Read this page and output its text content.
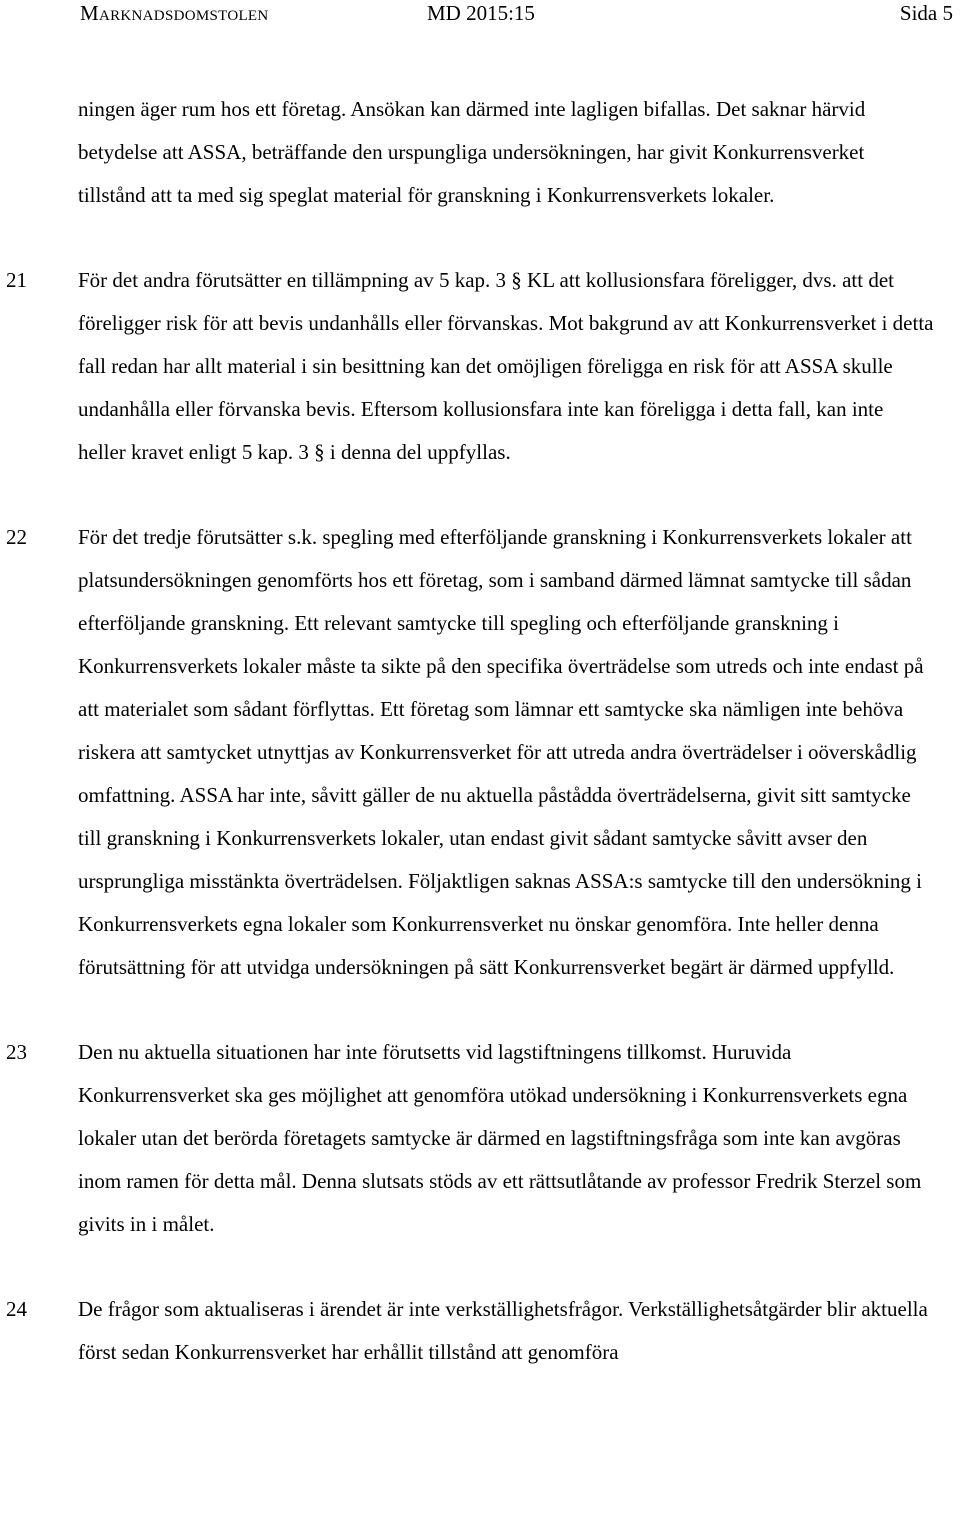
Marknadsdomstolen	MD 2015:15	Sida 5

ningen äger rum hos ett företag. Ansökan kan därmed inte lagligen bifallas. Det saknar härvid betydelse att ASSA, beträffande den urspungliga undersökningen, har givit Konkurrensverket tillstånd att ta med sig speglat material för granskning i Konkurrensverkets lokaler.

21 För det andra förutsätter en tillämpning av 5 kap. 3 § KL att kollusionsfara föreligger, dvs. att det föreligger risk för att bevis undanhålls eller förvanskas. Mot bakgrund av att Konkurrensverket i detta fall redan har allt material i sin besittning kan det omöjligen föreligga en risk för att ASSA skulle undanhålla eller förvanska bevis. Eftersom kollusionsfara inte kan föreligga i detta fall, kan inte heller kravet enligt 5 kap. 3 § i denna del uppfyllas.

22 För det tredje förutsätter s.k. spegling med efterföljande granskning i Konkurrensverkets lokaler att platsundersökningen genomförts hos ett företag, som i samband därmed lämnat samtycke till sådan efterföljande granskning. Ett relevant samtycke till spegling och efterföljande granskning i Konkurrensverkets lokaler måste ta sikte på den specifika överträdelse som utreds och inte endast på att materialet som sådant förflyttas. Ett företag som lämnar ett samtycke ska nämligen inte behöva riskera att samtycket utnyttjas av Konkurrensverket för att utreda andra överträdelser i oöverskådlig omfattning. ASSA har inte, såvitt gäller de nu aktuella påstådda överträdelserna, givit sitt samtycke till granskning i Konkurrensverkets lokaler, utan endast givit sådant samtycke såvitt avser den ursprungliga misstänkta överträdelsen. Följaktligen saknas ASSA:s samtycke till den undersökning i Konkurrensverkets egna lokaler som Konkurrensverket nu önskar genomföra. Inte heller denna förutsättning för att utvidga undersökningen på sätt Konkurrensverket begärt är därmed uppfylld.

23 Den nu aktuella situationen har inte förutsetts vid lagstiftningens tillkomst. Huruvida Konkurrensverket ska ges möjlighet att genomföra utökad undersökning i Konkurrensverkets egna lokaler utan det berörda företagets samtycke är därmed en lagstiftningsfråga som inte kan avgöras inom ramen för detta mål. Denna slutsats stöds av ett rättsutlåtande av professor Fredrik Sterzel som givits in i målet.

24 De frågor som aktualiseras i ärendet är inte verkställighetsfrågor. Verkställighetsåtgärder blir aktuella först sedan Konkurrensverket har erhållit tillstånd att genomföra
